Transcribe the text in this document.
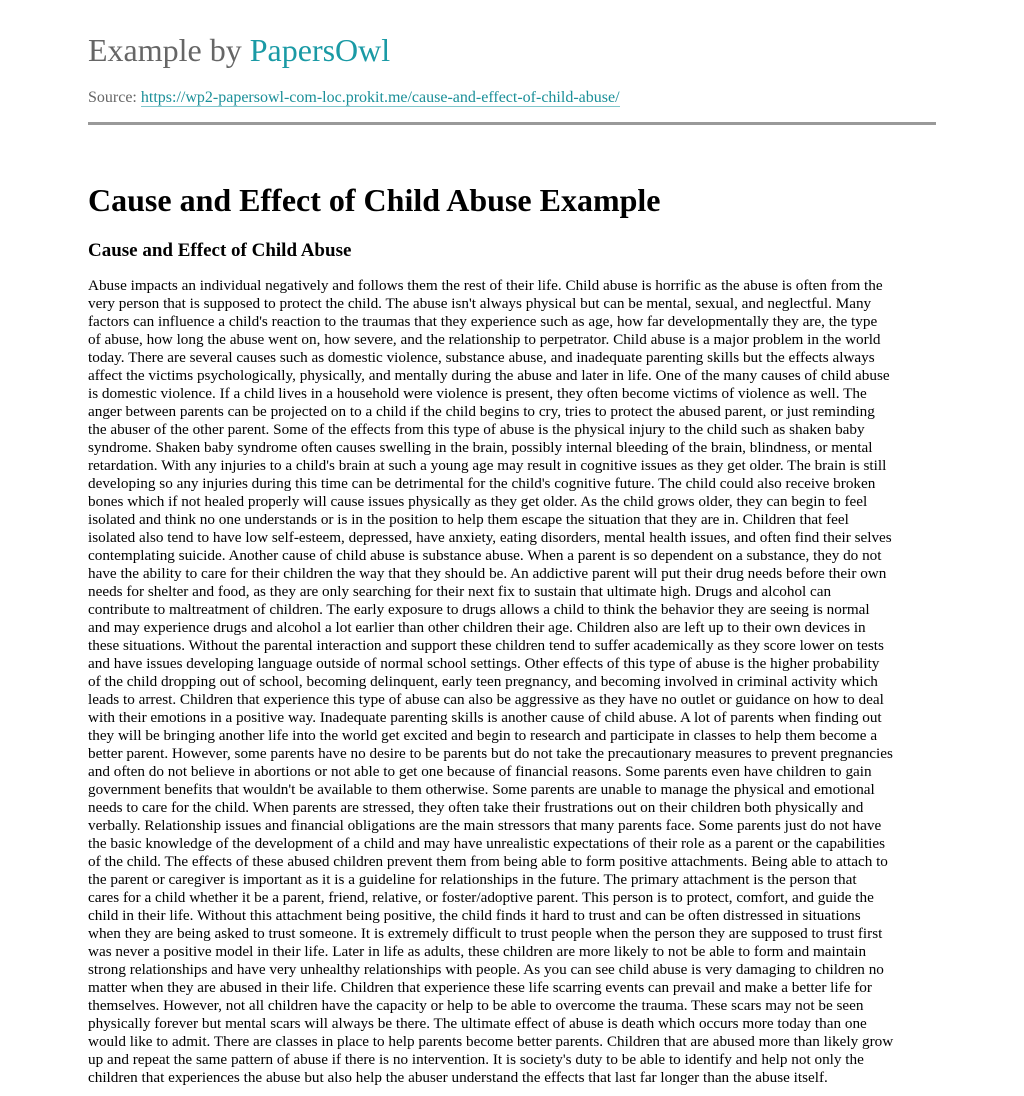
Example by PapersOwl
Source: https://wp2-papersowl-com-loc.prokit.me/cause-and-effect-of-child-abuse/
Cause and Effect of Child Abuse Example
Cause and Effect of Child Abuse

Abuse impacts an individual negatively and follows them the rest of their life. Child abuse is horrific as the abuse is often from the
very person that is supposed to protect the child. The abuse isn't always physical but can be mental, sexual, and neglectful. Many
factors can influence a child's reaction to the traumas that they experience such as age, how far developmentally they are, the type
of abuse, how long the abuse went on, how severe, and the relationship to perpetrator. Child abuse is a major problem in the world
today. There are several causes such as domestic violence, substance abuse, and inadequate parenting skills but the effects always
affect the victims psychologically, physically, and mentally during the abuse and later in life. One of the many causes of child abuse
is domestic violence. If a child lives in a household were violence is present, they often become victims of violence as well. The
anger between parents can be projected on to a child if the child begins to cry, tries to protect the abused parent, or just reminding
the abuser of the other parent. Some of the effects from this type of abuse is the physical injury to the child such as shaken baby
syndrome. Shaken baby syndrome often causes swelling in the brain, possibly internal bleeding of the brain, blindness, or mental
retardation. With any injuries to a child's brain at such a young age may result in cognitive issues as they get older. The brain is still
developing so any injuries during this time can be detrimental for the child's cognitive future. The child could also receive broken
bones which if not healed properly will cause issues physically as they get older. As the child grows older, they can begin to feel
isolated and think no one understands or is in the position to help them escape the situation that they are in. Children that feel
isolated also tend to have low self-esteem, depressed, have anxiety, eating disorders, mental health issues, and often find their selves
contemplating suicide. Another cause of child abuse is substance abuse. When a parent is so dependent on a substance, they do not
have the ability to care for their children the way that they should be. An addictive parent will put their drug needs before their own
needs for shelter and food, as they are only searching for their next fix to sustain that ultimate high. Drugs and alcohol can
contribute to maltreatment of children. The early exposure to drugs allows a child to think the behavior they are seeing is normal
and may experience drugs and alcohol a lot earlier than other children their age. Children also are left up to their own devices in
these situations. Without the parental interaction and support these children tend to suffer academically as they score lower on tests
and have issues developing language outside of normal school settings. Other effects of this type of abuse is the higher probability
of the child dropping out of school, becoming delinquent, early teen pregnancy, and becoming involved in criminal activity which
leads to arrest. Children that experience this type of abuse can also be aggressive as they have no outlet or guidance on how to deal
with their emotions in a positive way. Inadequate parenting skills is another cause of child abuse. A lot of parents when finding out
they will be bringing another life into the world get excited and begin to research and participate in classes to help them become a
better parent. However, some parents have no desire to be parents but do not take the precautionary measures to prevent pregnancies
and often do not believe in abortions or not able to get one because of financial reasons. Some parents even have children to gain
government benefits that wouldn't be available to them otherwise. Some parents are unable to manage the physical and emotional
needs to care for the child. When parents are stressed, they often take their frustrations out on their children both physically and
verbally. Relationship issues and financial obligations are the main stressors that many parents face. Some parents just do not have
the basic knowledge of the development of a child and may have unrealistic expectations of their role as a parent or the capabilities
of the child. The effects of these abused children prevent them from being able to form positive attachments. Being able to attach to
the parent or caregiver is important as it is a guideline for relationships in the future. The primary attachment is the person that
cares for a child whether it be a parent, friend, relative, or foster/adoptive parent. This person is to protect, comfort, and guide the
child in their life. Without this attachment being positive, the child finds it hard to trust and can be often distressed in situations
when they are being asked to trust someone. It is extremely difficult to trust people when the person they are supposed to trust first
was never a positive model in their life. Later in life as adults, these children are more likely to not be able to form and maintain
strong relationships and have very unhealthy relationships with people. As you can see child abuse is very damaging to children no
matter when they are abused in their life. Children that experience these life scarring events can prevail and make a better life for
themselves. However, not all children have the capacity or help to be able to overcome the trauma. These scars may not be seen
physically forever but mental scars will always be there. The ultimate effect of abuse is death which occurs more today than one
would like to admit. There are classes in place to help parents become better parents. Children that are abused more than likely grow
up and repeat the same pattern of abuse if there is no intervention. It is society's duty to be able to identify and help not only the
children that experiences the abuse but also help the abuser understand the effects that last far longer than the abuse itself.
